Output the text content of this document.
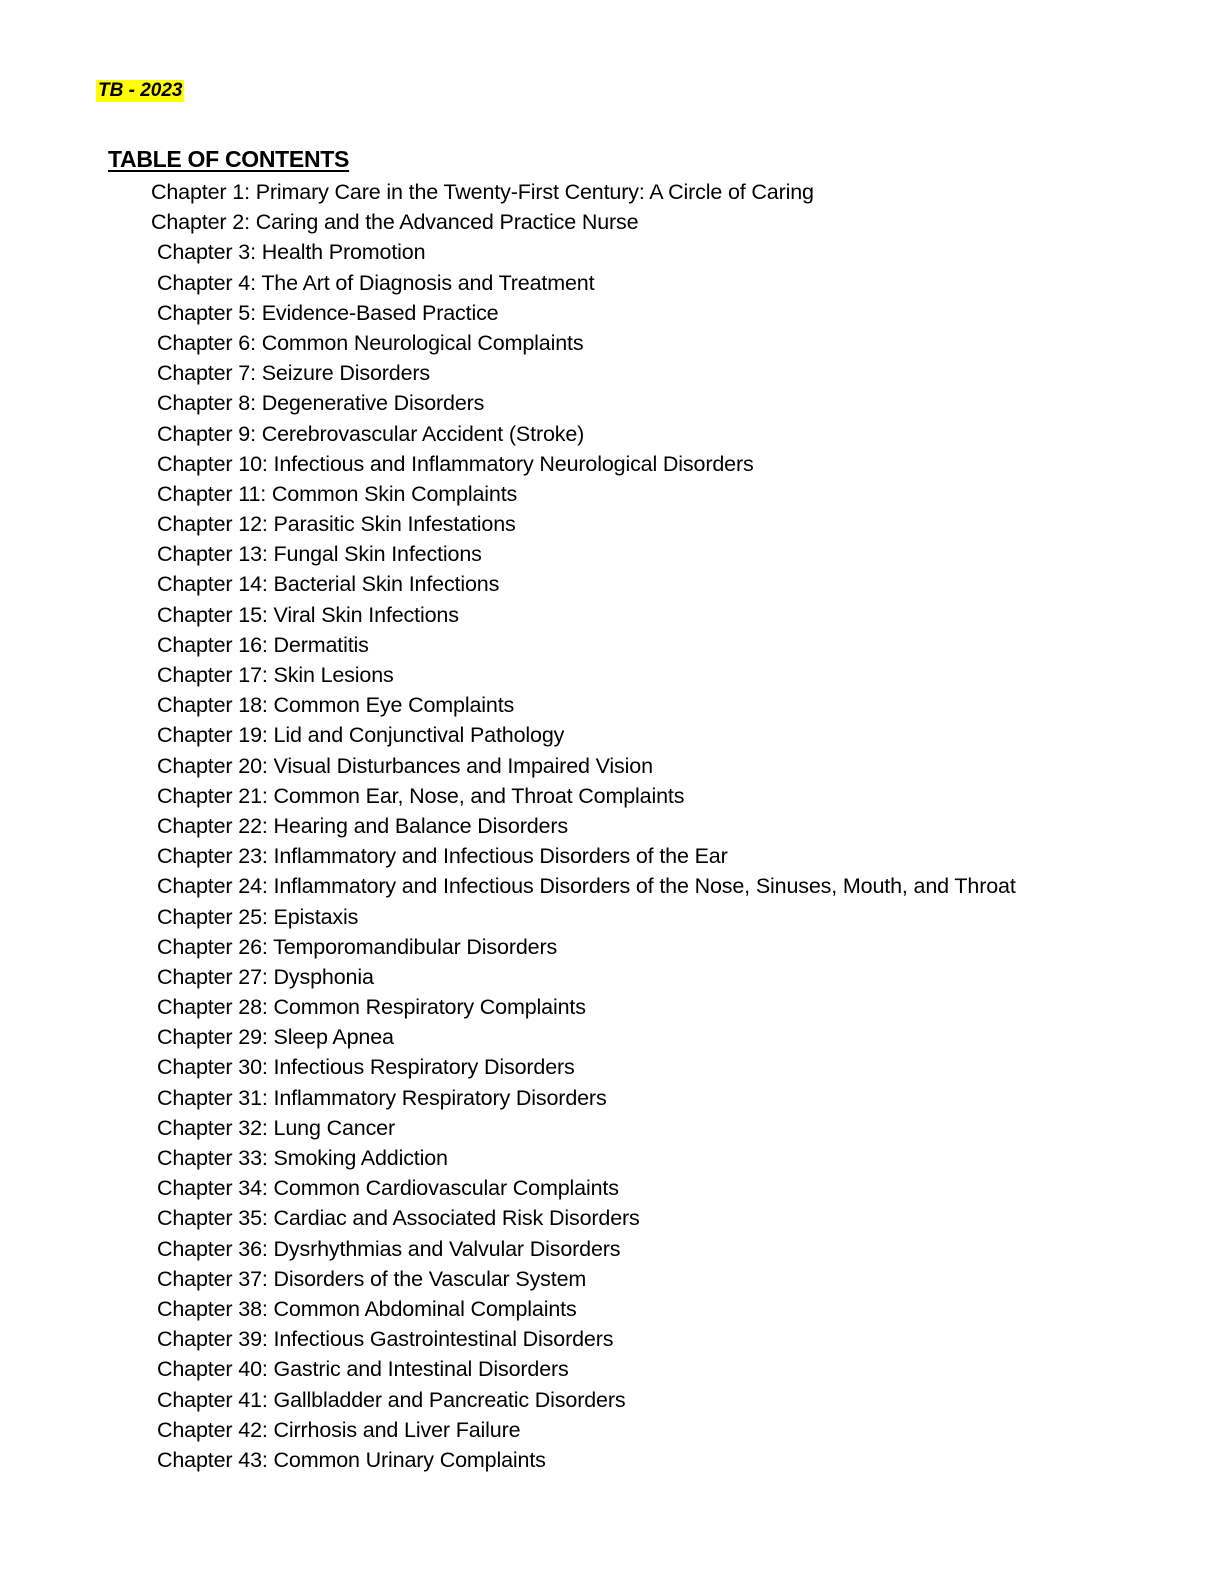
TB - 2023
TABLE OF CONTENTS
Chapter 1: Primary Care in the Twenty-First Century: A Circle of Caring
Chapter 2: Caring and the Advanced Practice Nurse
Chapter 3: Health Promotion
Chapter 4: The Art of Diagnosis and Treatment
Chapter 5: Evidence-Based Practice
Chapter 6: Common Neurological Complaints
Chapter 7: Seizure Disorders
Chapter 8: Degenerative Disorders
Chapter 9: Cerebrovascular Accident (Stroke)
Chapter 10: Infectious and Inflammatory Neurological Disorders
Chapter 11: Common Skin Complaints
Chapter 12: Parasitic Skin Infestations
Chapter 13: Fungal Skin Infections
Chapter 14: Bacterial Skin Infections
Chapter 15: Viral Skin Infections
Chapter 16: Dermatitis
Chapter 17: Skin Lesions
Chapter 18: Common Eye Complaints
Chapter 19: Lid and Conjunctival Pathology
Chapter 20: Visual Disturbances and Impaired Vision
Chapter 21: Common Ear, Nose, and Throat Complaints
Chapter 22: Hearing and Balance Disorders
Chapter 23: Inflammatory and Infectious Disorders of the Ear
Chapter 24: Inflammatory and Infectious Disorders of the Nose, Sinuses, Mouth, and Throat
Chapter 25: Epistaxis
Chapter 26: Temporomandibular Disorders
Chapter 27: Dysphonia
Chapter 28: Common Respiratory Complaints
Chapter 29: Sleep Apnea
Chapter 30: Infectious Respiratory Disorders
Chapter 31: Inflammatory Respiratory Disorders
Chapter 32: Lung Cancer
Chapter 33: Smoking Addiction
Chapter 34: Common Cardiovascular Complaints
Chapter 35: Cardiac and Associated Risk Disorders
Chapter 36: Dysrhythmias and Valvular Disorders
Chapter 37: Disorders of the Vascular System
Chapter 38: Common Abdominal Complaints
Chapter 39: Infectious Gastrointestinal Disorders
Chapter 40: Gastric and Intestinal Disorders
Chapter 41: Gallbladder and Pancreatic Disorders
Chapter 42: Cirrhosis and Liver Failure
Chapter 43: Common Urinary Complaints
